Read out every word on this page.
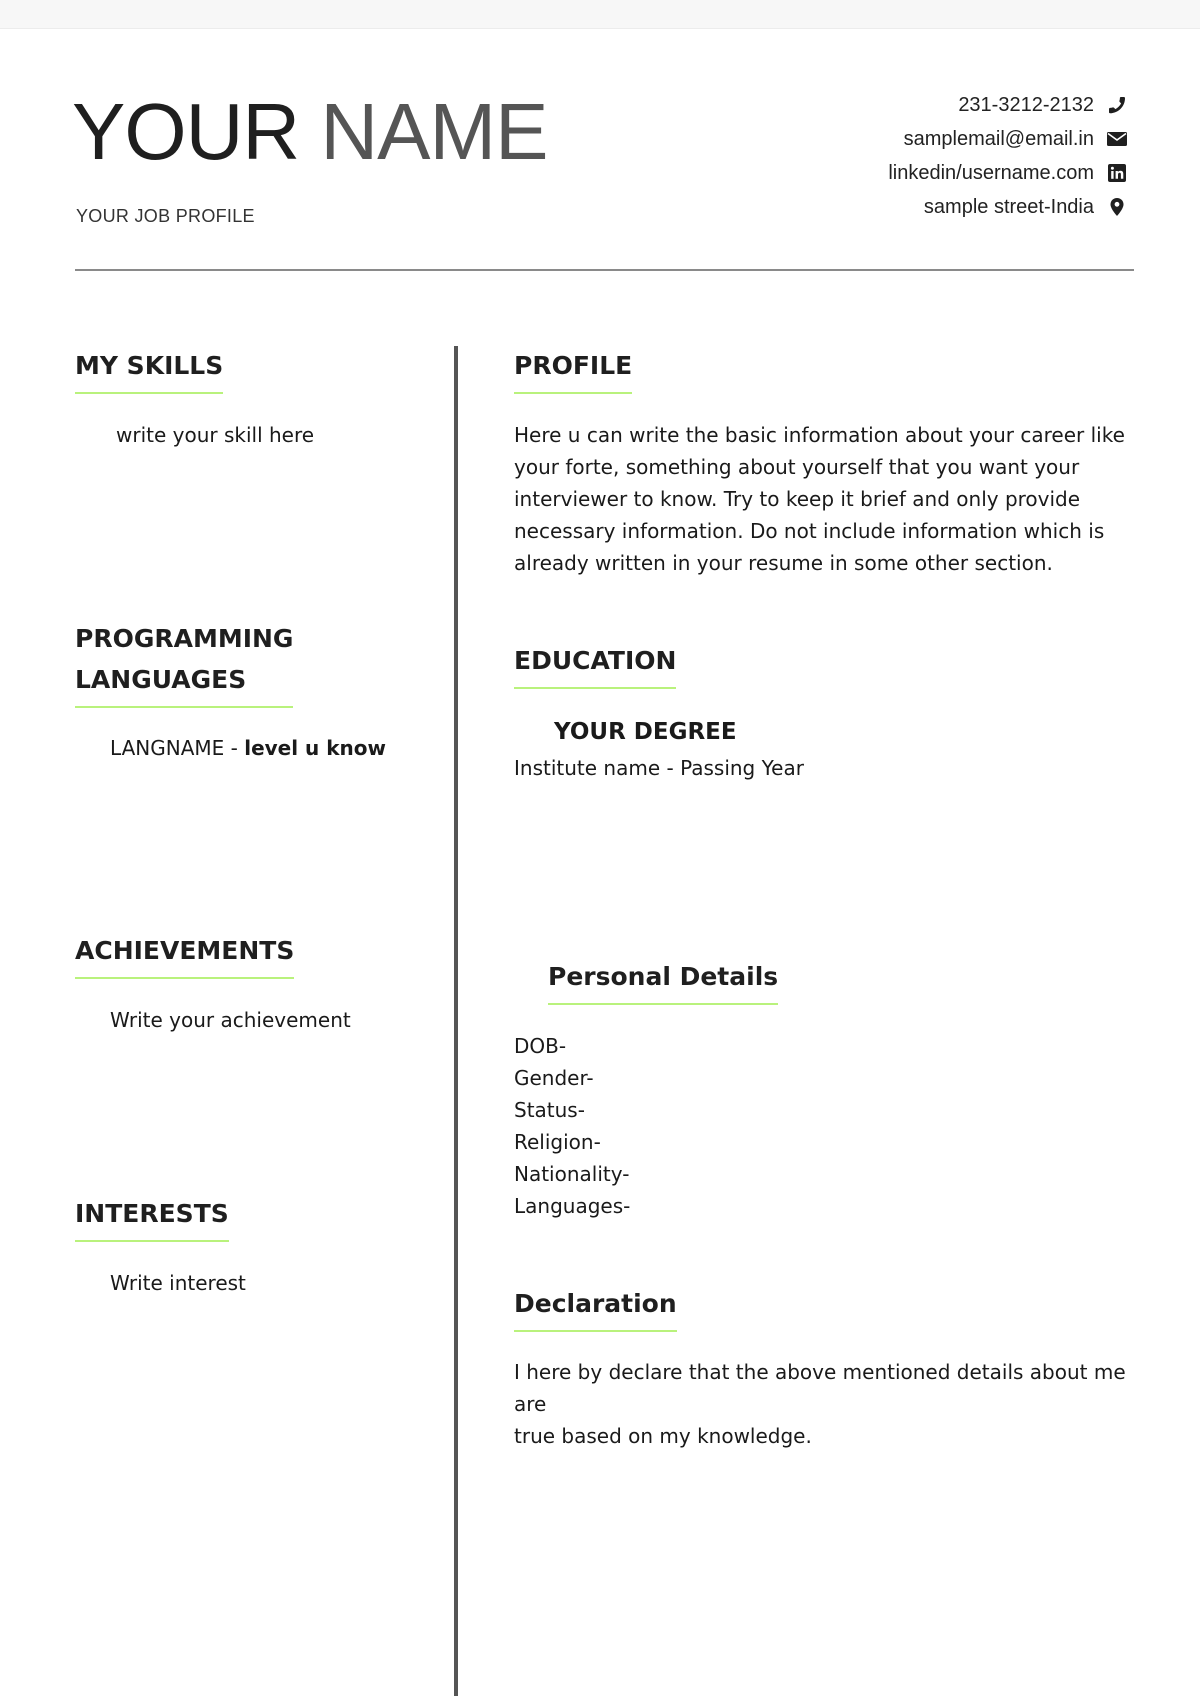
YOUR NAME
YOUR JOB PROFILE
231-3212-2132
samplemail@email.in
linkedin/username.com
sample street-India
MY SKILLS
write your skill here
PROGRAMMING
LANGUAGES
LANGNAME - level u know
ACHIEVEMENTS
Write your achievement
INTERESTS
Write interest
PROFILE
Here u can write the basic information about your career like
your forte, something about yourself that you want your
interviewer to know. Try to keep it brief and only provide
necessary information. Do not include information which is
already written in your resume in some other section.
EDUCATION
YOUR DEGREE
Institute name - Passing Year
Personal Details
DOB-
Gender-
Status-
Religion-
Nationality-
Languages-
Declaration
I here by declare that the above mentioned details about me are
true based on my knowledge.
